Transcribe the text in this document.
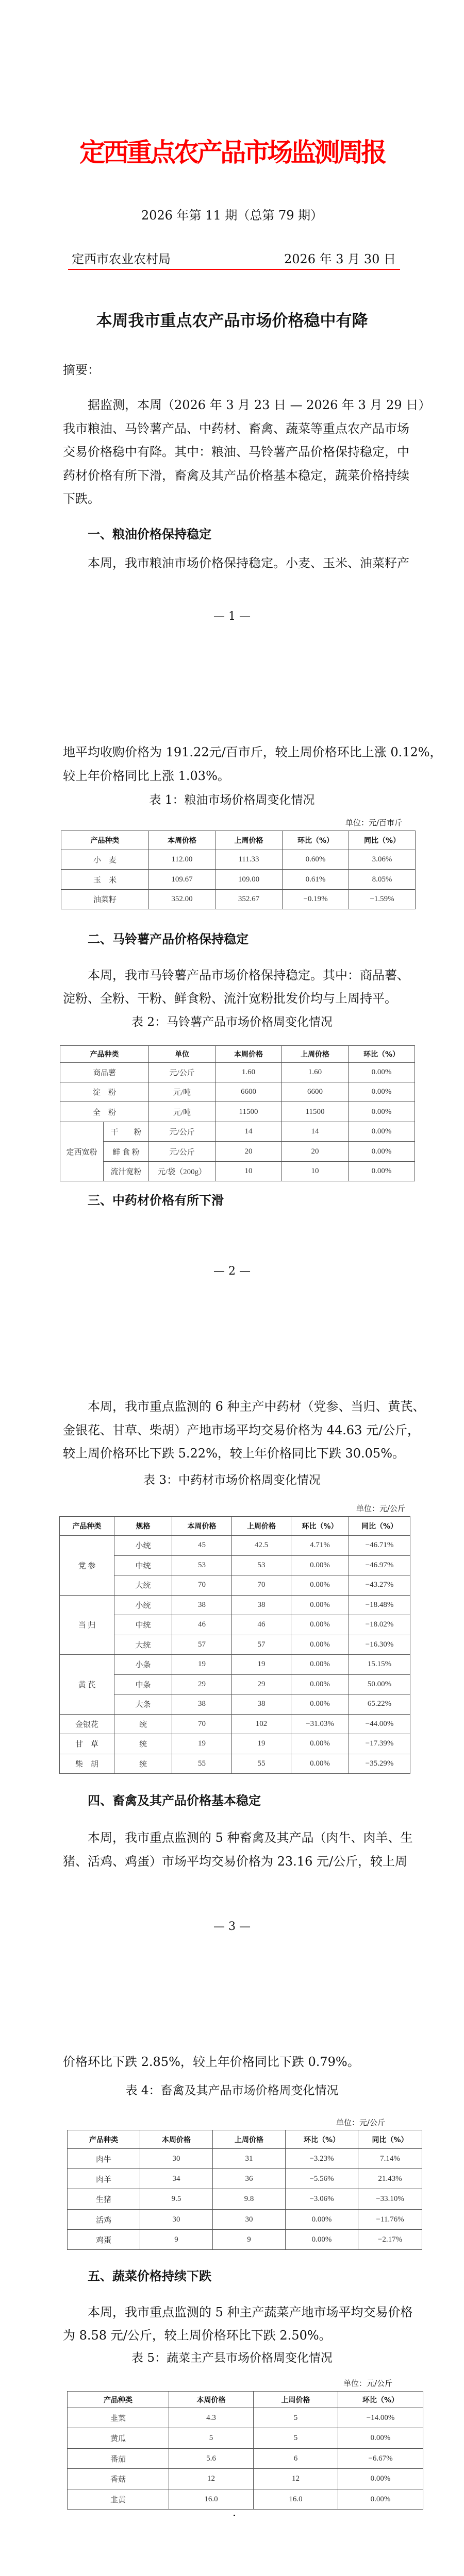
定西重点农产品市场监测周报
2026 年第 11 期（总第 79 期）
定西市农业农村局	2026 年 3 月 30 日
本周我市重点农产品市场价格稳中有降
摘要：
据监测，本周（2026 年 3 月 23 日 — 2026 年 3 月 29 日）
我市粮油、马铃薯产品、中药材、畜禽、蔬菜等重点农产品市场
交易价格稳中有降。其中：粮油、马铃薯产品价格保持稳定，中
药材价格有所下滑，畜禽及其产品价格基本稳定，蔬菜价格持续
下跌。
一、粮油价格保持稳定
本周，我市粮油市场价格保持稳定。小麦、玉米、油菜籽产
— 1 —
地平均收购价格为 191.22元/百市斤，较上周价格环比上涨 0.12%，
较上年价格同比上涨 1.03%。
表 1：粮油市场价格周变化情况
单位：元/百市斤
产品种类	本周价格	上周价格	环比（%）	同比（%）
小　麦	112.00	111.33	0.60%	3.06%
玉　米	109.67	109.00	0.61%	8.05%
油菜籽	352.00	352.67	−0.19%	−1.59%
二、马铃薯产品价格保持稳定
本周，我市马铃薯产品市场价格保持稳定。其中：商品薯、
淀粉、全粉、干粉、鲜食粉、流汁宽粉批发价均与上周持平。
表 2：马铃薯产品市场价格周变化情况
产品种类		单位	本周价格	上周价格	环比（%）
商品薯		元/公斤	1.60	1.60	0.00%
淀　粉		元/吨	6600	6600	0.00%
全　粉		元/吨	11500	11500	0.00%
定西宽粉	干　　粉	元/公斤	14	14	0.00%
	鲜 食 粉	元/公斤	20	20	0.00%
	流汁宽粉	元/袋（200g）	10	10	0.00%
三、中药材价格有所下滑
— 2 —
本周，我市重点监测的 6 种主产中药材（党参、当归、黄芪、
金银花、甘草、柴胡）产地市场平均交易价格为 44.63 元/公斤，
较上周价格环比下跌 5.22%，较上年价格同比下跌 30.05%。
表 3：中药材市场价格周变化情况
单位：元/公斤
产品种类	规格	本周价格	上周价格	环比（%）	同比（%）
党 参	小统	45	42.5	4.71%	−46.71%
	中统	53	53	0.00%	−46.97%
	大统	70	70	0.00%	−43.27%
当 归	小统	38	38	0.00%	−18.48%
	中统	46	46	0.00%	−18.02%
	大统	57	57	0.00%	−16.30%
黄 芪	小条	19	19	0.00%	15.15%
	中条	29	29	0.00%	50.00%
	大条	38	38	0.00%	65.22%
金银花	统	70	102	−31.03%	−44.00%
甘　草	统	19	19	0.00%	−17.39%
柴　胡	统	55	55	0.00%	−35.29%
四、畜禽及其产品价格基本稳定
本周，我市重点监测的 5 种畜禽及其产品（肉牛、肉羊、生
猪、活鸡、鸡蛋）市场平均交易价格为 23.16 元/公斤，较上周
— 3 —
价格环比下跌 2.85%，较上年价格同比下跌 0.79%。
表 4：畜禽及其产品市场价格周变化情况
单位：元/公斤
产品种类	本周价格	上周价格	环比（%）	同比（%）
肉牛	30	31	−3.23%	7.14%
肉羊	34	36	−5.56%	21.43%
生猪	9.5	9.8	−3.06%	−33.10%
活鸡	30	30	0.00%	−11.76%
鸡蛋	9	9	0.00%	−2.17%
五、蔬菜价格持续下跌
本周，我市重点监测的 5 种主产蔬菜产地市场平均交易价格
为 8.58 元/公斤，较上周价格环比下跌 2.50%。
表 5：蔬菜主产县市场价格周变化情况
单位：元/公斤
产品种类	本周价格	上周价格	环比（%）
韭菜	4.3	5	−14.00%
黄瓜	5	5	0.00%
番茄	5.6	6	−6.67%
香菇	12	12	0.00%
韭黄	16.0	16.0	0.00%
